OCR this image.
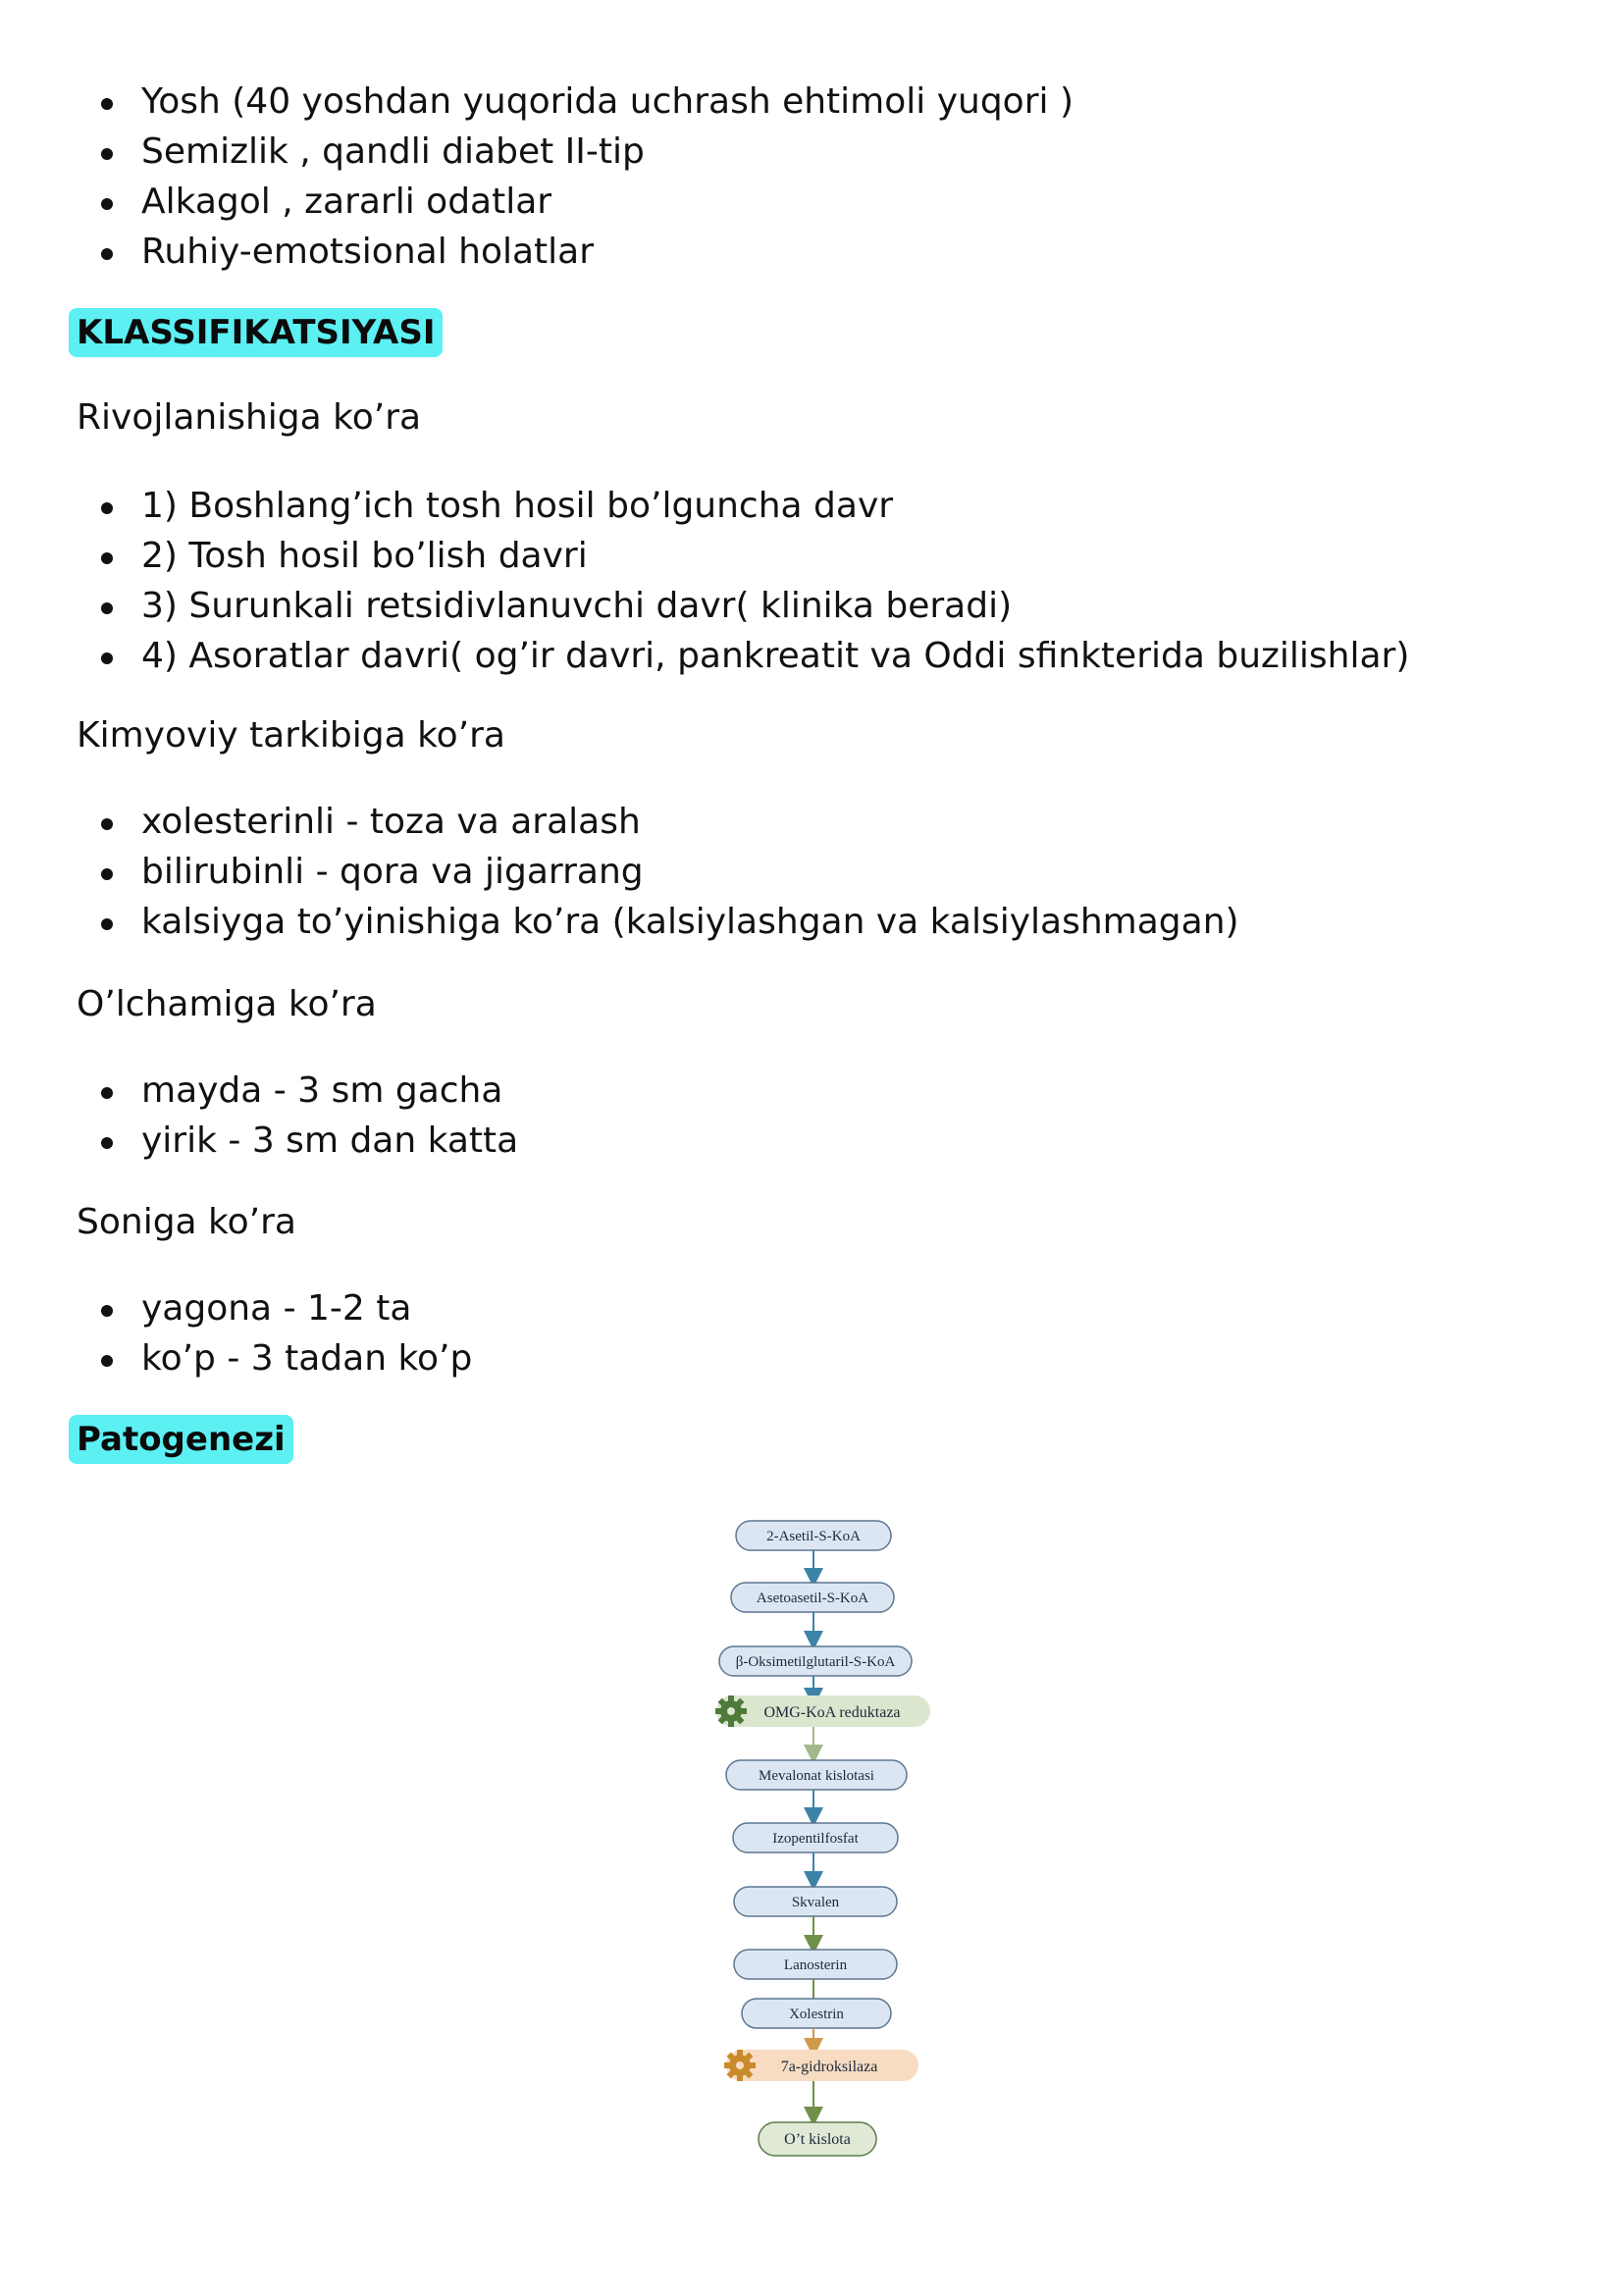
Yosh (40 yoshdan yuqorida uchrash ehtimoli yuqori )
Semizlik , qandli diabet II-tip
Alkagol , zararli odatlar
Ruhiy-emotsional holatlar
KLASSIFIKATSIYASI
Rivojlanishiga ko’ra
1) Boshlang’ich tosh hosil bo’lguncha davr
2) Tosh hosil bo’lish davri
3) Surunkali retsidivlanuvchi davr( klinika beradi)
4) Asoratlar davri( og’ir davri, pankreatit va Oddi sfinkterida buzilishlar)
Kimyoviy tarkibiga ko’ra
xolesterinli - toza va aralash
bilirubinli - qora va jigarrang
kalsiyga to’yinishiga ko’ra (kalsiylashgan va kalsiylashmagan)
O’lchamiga ko’ra
mayda - 3 sm gacha
yirik - 3 sm dan katta
Soniga ko’ra
yagona - 1-2 ta
ko’p - 3 tadan ko’p
Patogenezi
2-Asetil-S-KoA
Asetoasetil-S-KoA
β-Oksimetilglutaril-S-KoA
OMG-KoA reduktaza
Mevalonat kislotasi
Izopentilfosfat
Skvalen
Lanosterin
Xolestrin
7a-gidroksilaza
O’t kislota
